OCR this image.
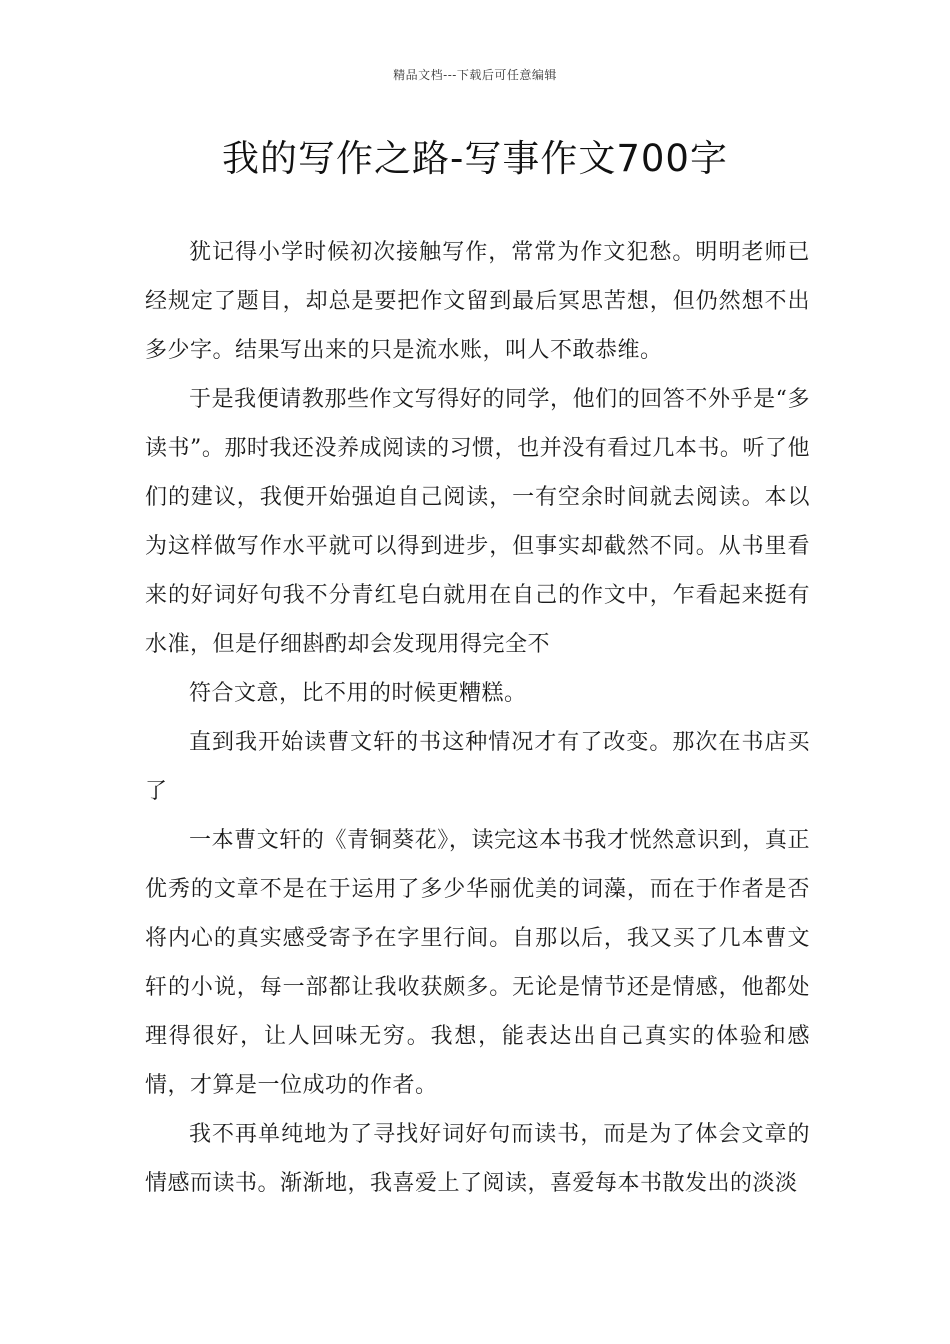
精品文档---下载后可任意编辑
我的写作之路-写事作文700字

犹记得小学时候初次接触写作，常常为作文犯愁。明明老师已经规定了题目，却总是要把作文留到最后冥思苦想，但仍然想不出多少字。结果写出来的只是流水账，叫人不敢恭维。

于是我便请教那些作文写得好的同学，他们的回答不外乎是“多读书”。那时我还没养成阅读的习惯，也并没有看过几本书。听了他们的建议，我便开始强迫自己阅读，一有空余时间就去阅读。本以为这样做写作水平就可以得到进步，但事实却截然不同。从书里看来的好词好句我不分青红皂白就用在自己的作文中，乍看起来挺有水准，但是仔细斟酌却会发现用得完全不

符合文意，比不用的时候更糟糕。

直到我开始读曹文轩的书这种情况才有了改变。那次在书店买了

一本曹文轩的《青铜葵花》，读完这本书我才恍然意识到，真正优秀的文章不是在于运用了多少华丽优美的词藻，而在于作者是否将内心的真实感受寄予在字里行间。自那以后，我又买了几本曹文轩的小说，每一部都让我收获颇多。无论是情节还是情感，他都处理得很好，让人回味无穷。我想，能表达出自己真实的体验和感情，才算是一位成功的作者。

我不再单纯地为了寻找好词好句而读书，而是为了体会文章的情感而读书。渐渐地，我喜爱上了阅读，喜爱每本书散发出的淡淡
